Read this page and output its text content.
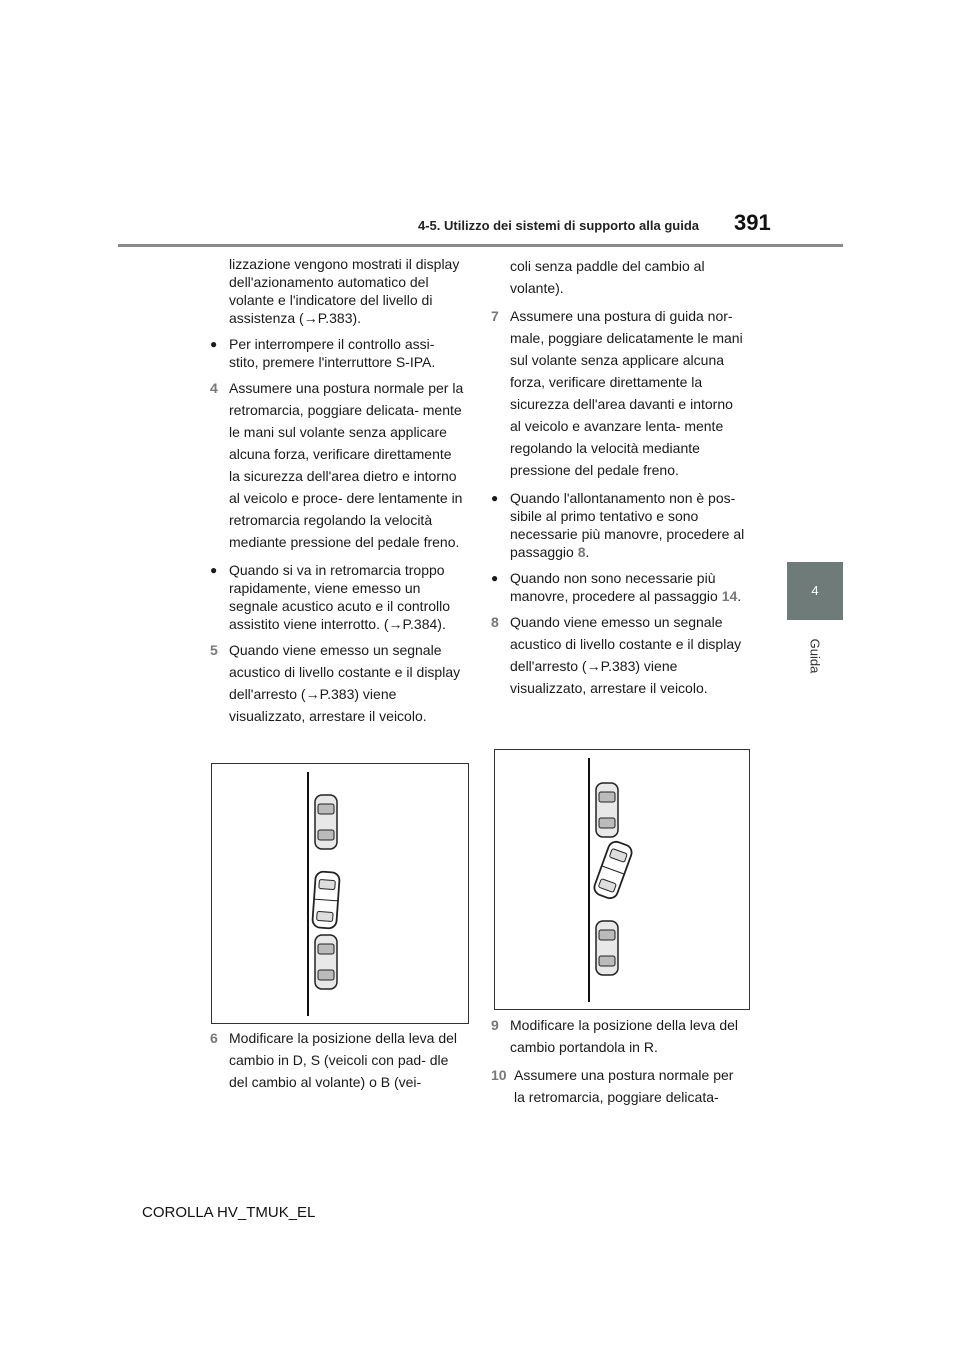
4-5. Utilizzo dei sistemi di supporto alla guida 391
4
Guida

lizzazione vengono mostrati il display dell'azionamento automatico del volante e l'indicatore del livello di assistenza (→P.383).

● Per interrompere il controllo assi- stito, premere l'interruttore S-IPA.
4 Assumere una postura normale per la retromarcia, poggiare delicata- mente le mani sul volante senza applicare alcuna forza, verificare direttamente la sicurezza dell'area dietro e intorno al veicolo e proce- dere lentamente in retromarcia regolando la velocità mediante pressione del pedale freno.
● Quando si va in retromarcia troppo rapidamente, viene emesso un segnale acustico acuto e il controllo assistito viene interrotto. (→P.384).
5 Quando viene emesso un segnale acustico di livello costante e il display dell'arresto (→P.383) viene visualizzato, arrestare il veicolo.
6 Modificare la posizione della leva del cambio in D, S (veicoli con pad- dle del cambio al volante) o B (vei-

coli senza paddle del cambio al volante).

7 Assumere una postura di guida nor- male, poggiare delicatamente le mani sul volante senza applicare alcuna forza, verificare direttamente la sicurezza dell'area davanti e intorno al veicolo e avanzare lenta- mente regolando la velocità mediante pressione del pedale freno.
● Quando l'allontanamento non è pos- sibile al primo tentativo e sono necessarie più manovre, procedere al passaggio 8.
● Quando non sono necessarie più manovre, procedere al passaggio 14.
8 Quando viene emesso un segnale acustico di livello costante e il display dell'arresto (→P.383) viene visualizzato, arrestare il veicolo.
9 Modificare la posizione della leva del cambio portandola in R.
10 Assumere una postura normale per la retromarcia, poggiare delicata-
COROLLA HV_TMUK_EL
